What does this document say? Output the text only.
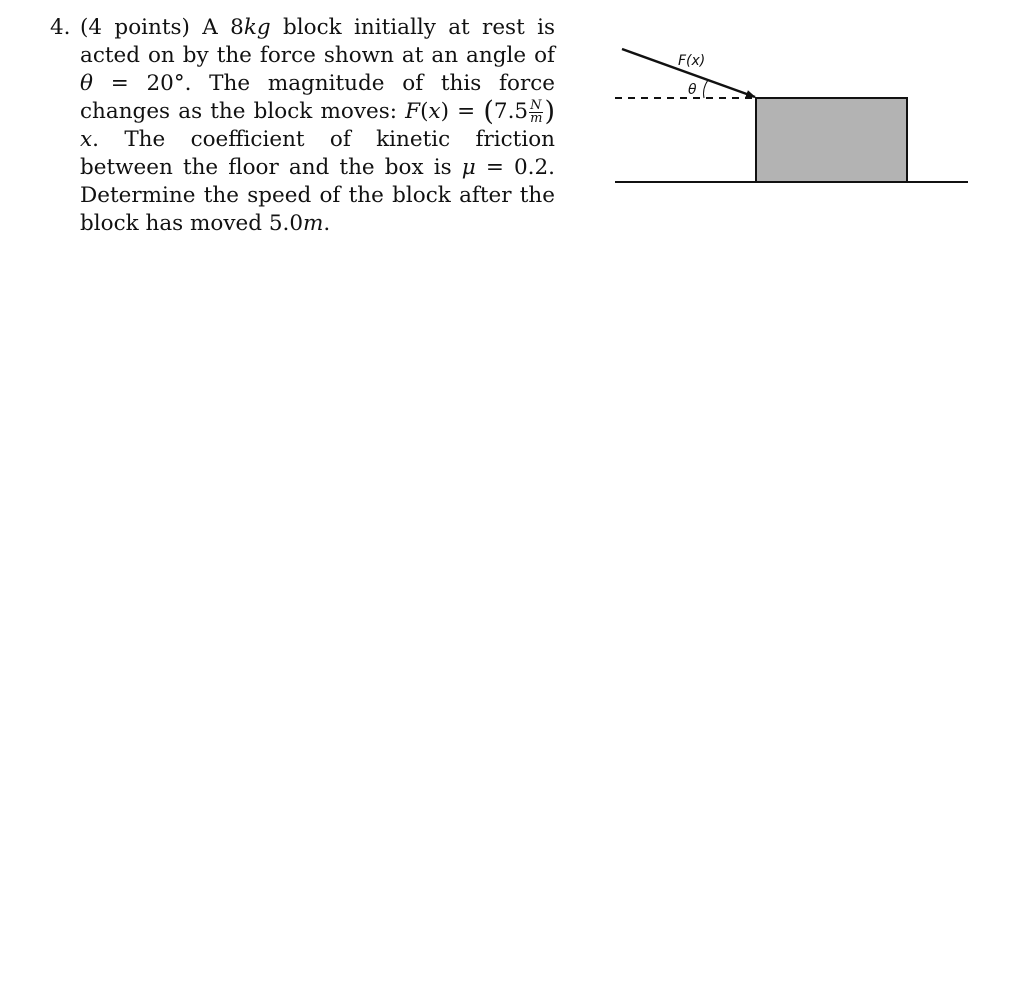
4. (4 points) A 8kg block initially at rest is acted on by the force shown at an angle of θ = 20°. The magnitude of this force changes as the block moves: $F(x) = (7.5 \frac{N}{m}$ ) x. The coefficient of kinetic friction between the floor and the box is μ = 0.2. Determine the speed of the block after the block has moved 5.0m.
F(x)
θ
